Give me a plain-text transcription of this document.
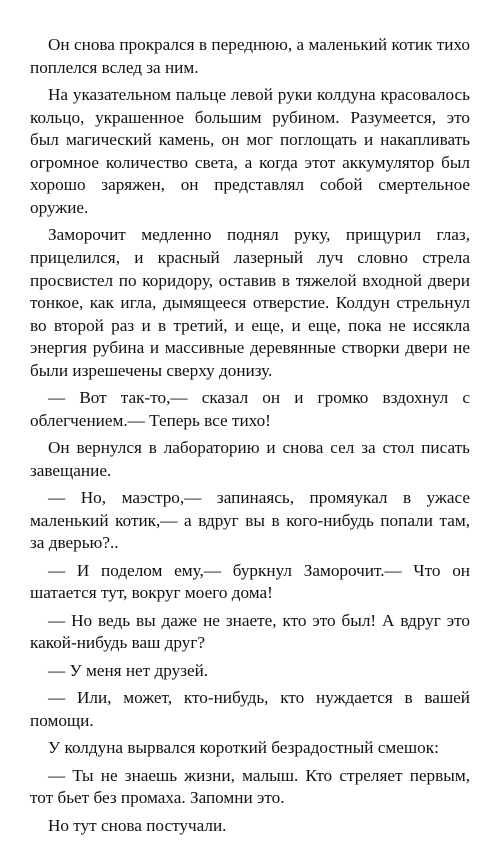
Он снова прокрался в переднюю, а маленький котик тихо поплелся вслед за ним.

На указательном пальце левой руки колдуна красовалось кольцо, украшенное большим рубином. Разумеется, это был магический камень, он мог поглощать и накапливать огромное количество света, а когда этот аккумулятор был хорошо заряжен, он представлял собой смертельное оружие.

Заморочит медленно поднял руку, прищурил глаз, прицелился, и красный лазерный луч словно стрела просвистел по коридору, оставив в тяжелой входной двери тонкое, как игла, дымящееся отверстие. Колдун стрельнул во второй раз и в третий, и еще, и еще, пока не иссякла энергия рубина и массивные деревянные створки двери не были изрешечены сверху донизу.

— Вот так-то,— сказал он и громко вздохнул с облегчением.— Теперь все тихо!

Он вернулся в лабораторию и снова сел за стол писать завещание.

— Но, маэстро,— запинаясь, промяукал в ужасе маленький котик,— а вдруг вы в кого-нибудь попали там, за дверью?..

— И поделом ему,— буркнул Заморочит.— Что он шатается тут, вокруг моего дома!

— Но ведь вы даже не знаете, кто это был! А вдруг это какой-нибудь ваш друг?

— У меня нет друзей.

— Или, может, кто-нибудь, кто нуждается в вашей помощи.

У колдуна вырвался короткий безрадостный смешок:

— Ты не знаешь жизни, малыш. Кто стреляет первым, тот бьет без промаха. Запомни это.

Но тут снова постучали.
